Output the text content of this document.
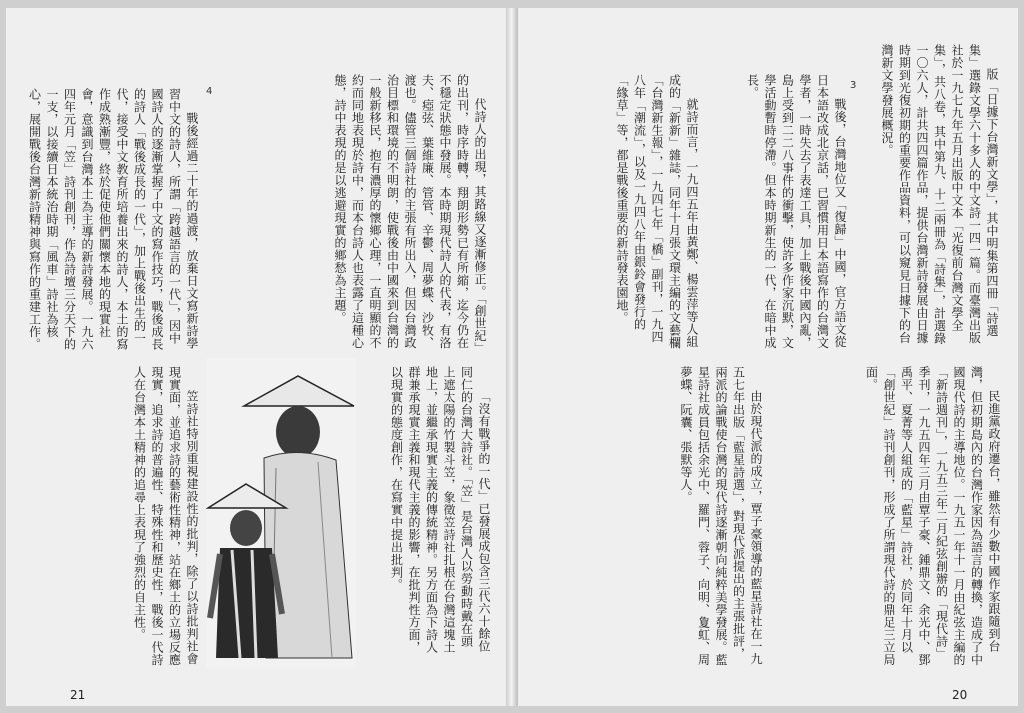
4

代詩人的出現，其路線又逐漸修正。「創世紀」的出刊，時序時轉，翔朗形勢已有所縮，迄今仍在不穩定狀態中發展。本時期現代詩人的代表，有洛夫、瘂弦、葉維廉、管管、辛鬱、周夢蝶、沙牧、渡也。儘管三個詩社的主張有所出入，但因台灣政治目標和環境的不明朗，使戰後由中國來到台灣的一般新移民，抱有濃厚的懷鄉心理，一直明顯的不約而同地表現於詩中，而本台詩人也表露了這種心態，詩中表現的是以逃避現實的鄉愁為主題。

戰後經過二十年的過渡，放棄日文寫新詩學習中文的詩人，所謂「跨越語言的一代」，因中國詩人的逐漸掌握了中文的寫作技巧，戰後成長的詩人「戰後成長的一代」，加上戰後出生的一代，接受中文教育所培養出來的詩人，本土的寫作成熟漸豐，終於促使他們關懷本地的現實社會，意識到台灣本土為主導的新詩發展。一九六四年元月「笠」詩刊創刊，作為詩壇三分天下的一支，以接續日本統治時期「風車」詩社為核心，展開戰後台灣新詩精神與寫作的重建工作。

「沒有戰爭的一代」已發展成包含三代六十餘位同仁的台灣大詩社。「笠」是台灣人以勞動時戴在頭上遮太陽的竹製斗笠，象徵笠詩社扎根在台灣這塊土地上，並繼承現實主義的傳統精神。另方面為下詩人群兼承現實主義和現代主義的影響，在批判性方面，以現實的態度創作，在寫實中提出批判。

笠詩社特別重視建設性的批判，除了以詩批判社會現實面，並追求詩的藝術性精神，站在鄉土的立場反應現實，追求詩的普遍性、特殊性和歷史性，戰後一代詩人在台灣本土精神的追尋上表現了強烈的自主性。

21
3	版「日據下台灣新文學」，其中明集第四冊「詩選集」選錄文學六十多人的中文詩一四一篇。而臺灣出版社於一九七九年五月出版中文本「光復前台灣文學全集」，共八卷，其中第九、十二兩冊為「詩集」，計選錄一〇六人，計共四四篇作品，提供台灣新詩發展由日據時期到光復初期的重要作品資料，可以窺見日據下的台灣新文學發展概況。

戰後，台灣地位又「復歸」中國，官方語文從日本語改成北京話，已習慣用日本語寫作的台灣文學者，一時失去了表達工具，加上戰後中國內亂，島上受到二二八事件的衝擊，使許多作家沉默，文學活動暫時停滯。但本時期新生的一代，在暗中成長。

就詩而言，一九四五年由黃鄭、楊雲萍等人組成的「新新」雜誌，同年十月張文環主編的文藝欄「台灣新生報」，一九四七年「橋」副刊，一九四八年「潮流」，以及一九四八年由銀鈴會發行的「緣草」等，都是戰後重要的新詩發表園地。

民進黨政府遷台，雖然有少數中國作家跟隨到台灣，但初期島內的台灣作家因為語言的轉換，造成了中國現代詩的主導地位。一九五一年十一月由紀弦主編的「新詩週刊」，一九五三年二月紀弦創辦的「現代詩」季刊，一九五四年三月由覃子豪、鍾鼎文、余光中、鄧禹平、夏菁等人組成的「藍星」詩社，於同年十月以「創世紀」詩刊創刊，形成了所謂現代詩的鼎足三立局面。

由於現代派的成立，覃子豪領導的藍星詩社在一九五七年出版「藍星詩選」，對現代派提出的主張批評，兩派的論戰使台灣的現代詩逐漸朝向純粹美學發展。藍星詩社成員包括余光中、羅門、蓉子、向明、夐虹、周夢蝶、阮囊、張默等人。

20
